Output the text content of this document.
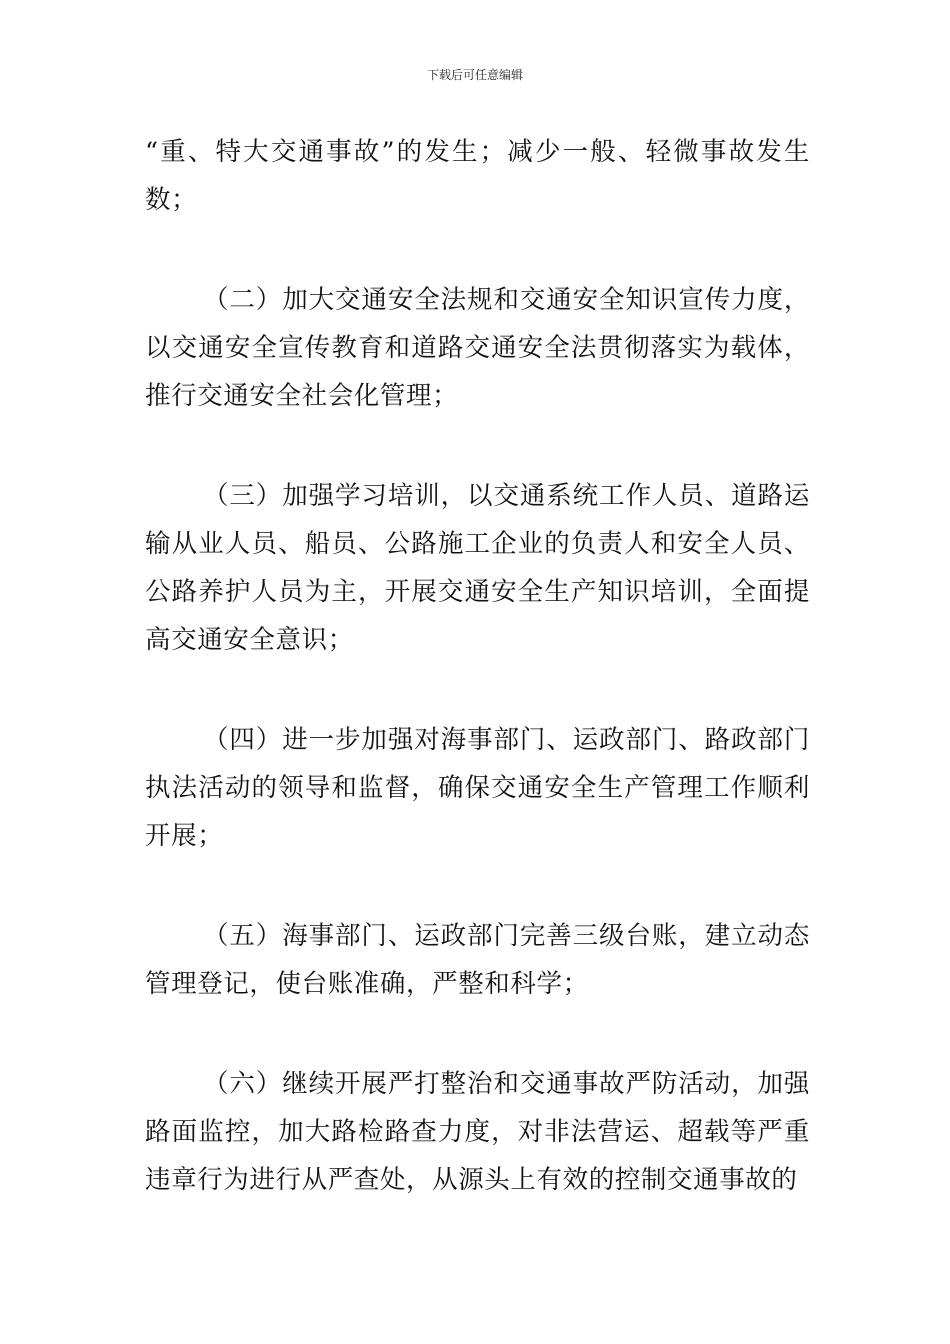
下载后可任意编辑

“重、特大交通事故”的发生；减少一般、轻微事故发生数；

（二）加大交通安全法规和交通安全知识宣传力度，以交通安全宣传教育和道路交通安全法贯彻落实为载体，推行交通安全社会化管理；

（三）加强学习培训，以交通系统工作人员、道路运输从业人员、船员、公路施工企业的负责人和安全人员、公路养护人员为主，开展交通安全生产知识培训，全面提高交通安全意识；

（四）进一步加强对海事部门、运政部门、路政部门执法活动的领导和监督，确保交通安全生产管理工作顺利开展；

（五）海事部门、运政部门完善三级台账，建立动态管理登记，使台账准确，严整和科学；

（六）继续开展严打整治和交通事故严防活动，加强路面监控，加大路检路查力度，对非法营运、超载等严重违章行为进行从严查处，从源头上有效的控制交通事故的
